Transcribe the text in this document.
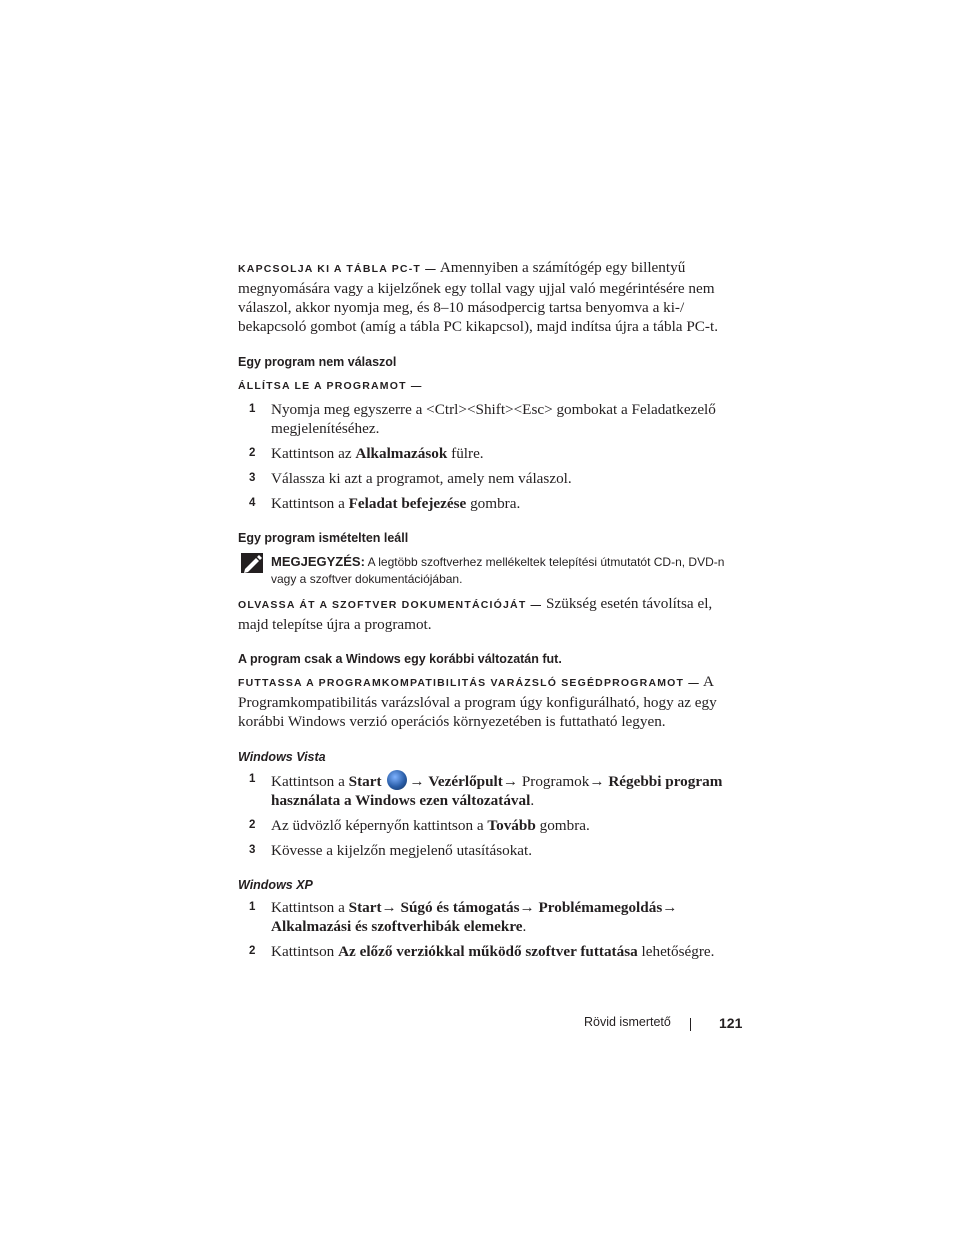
KAPCSOLJA KI A TÁBLA PC-T — Amennyiben a számítógép egy billentyű megnyomására vagy a kijelzőnek egy tollal vagy ujjal való megérintésére nem válaszol, akkor nyomja meg, és 8–10 másodpercig tartsa benyomva a ki-/ bekapcsoló gombot (amíg a tábla PC kikapcsol), majd indítsa újra a tábla PC-t.

Egy program nem válaszol

ÁLLÍTSA LE A PROGRAMOT —

1 Nyomja meg egyszerre a <Ctrl><Shift><Esc> gombokat a Feladatkezelő megjelenítéséhez.
2 Kattintson az Alkalmazások fülre.
3 Válassza ki azt a programot, amely nem válaszol.
4 Kattintson a Feladat befejezése gombra.

Egy program ismételten leáll

MEGJEGYZÉS: A legtöbb szoftverhez mellékeltek telepítési útmutatót CD-n, DVD-n vagy a szoftver dokumentációjában.

OLVASSA ÁT A SZOFTVER DOKUMENTÁCIÓJÁT — Szükség esetén távolítsa el, majd telepítse újra a programot.

A program csak a Windows egy korábbi változatán fut.

FUTTASSA A PROGRAMKOMPATIBILITÁS VARÁZSLÓ SEGÉDPROGRAMOT — A Programkompatibilitás varázslóval a program úgy konfigurálható, hogy az egy korábbi Windows verzió operációs környezetében is futtatható legyen.

Windows Vista

1 Kattintson a Start → Vezérlőpult→ Programok→ Régebbi program használata a Windows ezen változatával.
2 Az üdvözlő képernyőn kattintson a Tovább gombra.
3 Kövesse a kijelzőn megjelenő utasításokat.

Windows XP

1 Kattintson a Start→ Súgó és támogatás→ Problémamegoldás→ Alkalmazási és szoftverhibák elemekre.
2 Kattintson Az előző verziókkal működő szoftver futtatása lehetőségre.
Rövid ismertető	121
